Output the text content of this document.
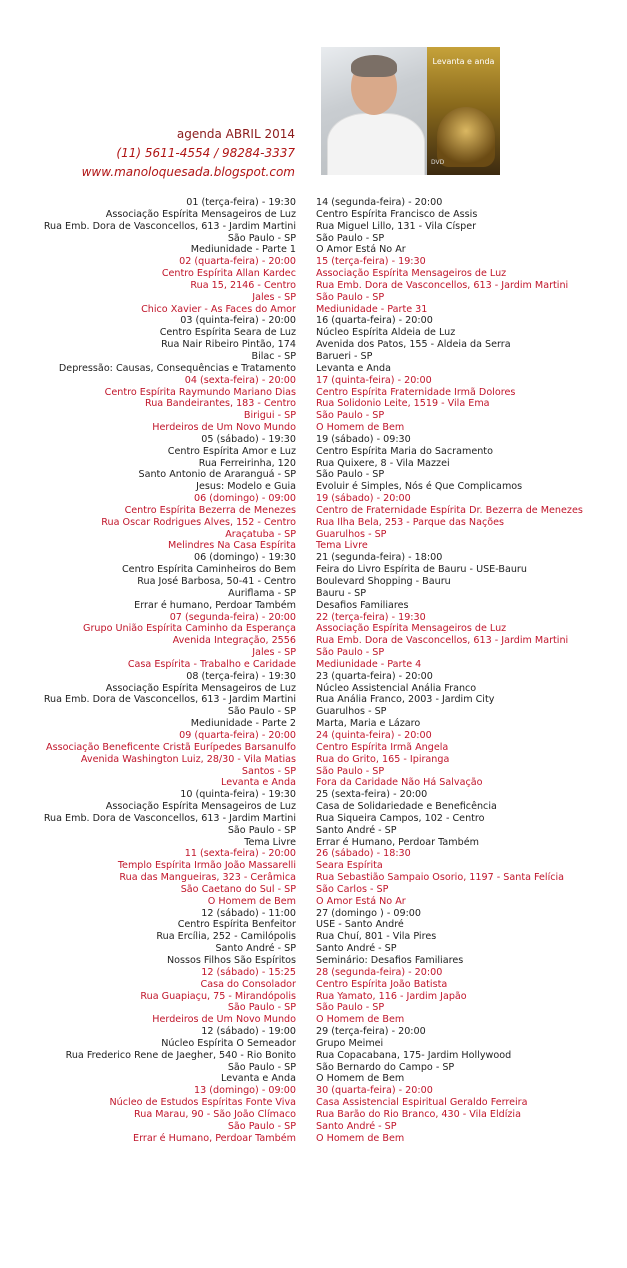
Levanta e anda
DVD
agenda ABRIL 2014
(11) 5611-4554 / 98284-3337
www.manoloquesada.blogspot.com
01 (terça-feira) - 19:30
Associação Espírita Mensageiros de Luz
Rua Emb. Dora de Vasconcellos, 613 - Jardim Martini
São Paulo - SP
Mediunidade - Parte 1
02 (quarta-feira) - 20:00
Centro Espírita Allan Kardec
Rua 15, 2146 - Centro
Jales - SP
Chico Xavier - As Faces do Amor
03 (quinta-feira) - 20:00
Centro Espírita Seara de Luz
Rua Nair Ribeiro Pintão, 174
Bilac - SP
Depressão: Causas, Consequências e Tratamento
04 (sexta-feira) - 20:00
Centro Espírita Raymundo Mariano Dias
Rua Bandeirantes, 183 - Centro
Birigui - SP
Herdeiros de Um Novo Mundo
05 (sábado) - 19:30
Centro Espírita Amor e Luz
Rua Ferreirinha, 120
Santo Antonio de Araranguá - SP
Jesus: Modelo e Guia
06 (domingo) - 09:00
Centro Espírita Bezerra de Menezes
Rua Oscar Rodrigues Alves, 152 - Centro
Araçatuba - SP
Melindres Na Casa Espírita
06 (domingo) - 19:30
Centro Espírita Caminheiros do Bem
Rua José Barbosa, 50-41 - Centro
Auriflama - SP
Errar é humano, Perdoar Também
07 (segunda-feira) - 20:00
Grupo União Espírita Caminho da Esperança
Avenida Integração, 2556
Jales - SP
Casa Espírita - Trabalho e Caridade
08 (terça-feira) - 19:30
Associação Espírita Mensageiros de Luz
Rua Emb. Dora de Vasconcellos, 613 - Jardim Martini
São Paulo - SP
Mediunidade - Parte 2
09 (quarta-feira) - 20:00
Associação Beneficente Cristã Eurípedes Barsanulfo
Avenida Washington Luiz, 28/30 - Vila Matias
Santos - SP
Levanta e Anda
10 (quinta-feira) - 19:30
Associação Espírita Mensageiros de Luz
Rua Emb. Dora de Vasconcellos, 613 - Jardim Martini
São Paulo - SP
Tema Livre
11 (sexta-feira) - 20:00
Templo Espírita Irmão João Massarelli
Rua das Mangueiras, 323 - Cerâmica
São Caetano do Sul - SP
O Homem de Bem
12 (sábado) - 11:00
Centro Espírita Benfeitor
Rua Ercília, 252 - Camilópolis
Santo André - SP
Nossos Filhos São Espíritos
12 (sábado) - 15:25
Casa do Consolador
Rua Guapiaçu, 75 - Mirandópolis
São Paulo - SP
Herdeiros de Um Novo Mundo
12 (sábado) - 19:00
Núcleo Espírita O Semeador
Rua Frederico Rene de Jaegher, 540 - Rio Bonito
São Paulo - SP
Levanta e Anda
13 (domingo) - 09:00
Núcleo de Estudos Espíritas Fonte Viva
Rua Marau, 90 - São João Clímaco
São Paulo - SP
Errar é Humano, Perdoar Também
14 (segunda-feira) - 20:00
Centro Espírita Francisco de Assis
Rua Miguel Lillo, 131 - Vila Císper
São Paulo - SP
O Amor Está No Ar
15 (terça-feira) - 19:30
Associação Espírita Mensageiros de Luz
Rua Emb. Dora de Vasconcellos, 613 - Jardim Martini
São Paulo - SP
Mediunidade - Parte 31
16 (quarta-feira) - 20:00
Núcleo Espírita Aldeia de Luz
Avenida dos Patos, 155 - Aldeia da Serra
Barueri - SP
Levanta e Anda
17 (quinta-feira) - 20:00
Centro Espírita Fraternidade Irmã Dolores
Rua Solidonio Leite, 1519 - Vila Ema
São Paulo - SP
O Homem de Bem
19 (sábado) - 09:30
Centro Espírita Maria do Sacramento
Rua Quixere, 8 - Vila Mazzei
São Paulo - SP
Evoluir é Simples, Nós é Que Complicamos
19 (sábado) - 20:00
Centro de Fraternidade Espírita Dr. Bezerra de Menezes
Rua Ilha Bela, 253 - Parque das Nações
Guarulhos - SP
Tema Livre
21 (segunda-feira) - 18:00
Feira do Livro Espírita de Bauru - USE-Bauru
Boulevard Shopping - Bauru
Bauru - SP
Desafios Familiares
22 (terça-feira) - 19:30
Associação Espírita Mensageiros de Luz
Rua Emb. Dora de Vasconcellos, 613 - Jardim Martini
São Paulo - SP
Mediunidade - Parte 4
23 (quarta-feira) - 20:00
Núcleo Assistencial Anália Franco
Rua Anália Franco, 2003 - Jardim City
Guarulhos - SP
Marta, Maria e Lázaro
24 (quinta-feira) - 20:00
Centro Espírita Irmã Angela
Rua do Grito, 165 - Ipiranga
São Paulo - SP
Fora da Caridade Não Há Salvação
25 (sexta-feira) - 20:00
Casa de Solidariedade e Beneficência
Rua Siqueira Campos, 102 - Centro
Santo André - SP
Errar é Humano, Perdoar Também
26 (sábado) - 18:30
Seara Espírita
Rua Sebastião Sampaio Osorio, 1197 - Santa Felícia
São Carlos - SP
O Amor Está No Ar
27 (domingo ) - 09:00
USE - Santo André
Rua Chuí, 801 - Vila Pires
Santo André - SP
Seminário: Desafios Familiares
28 (segunda-feira) - 20:00
Centro Espírita João Batista
Rua Yamato, 116 - Jardim Japão
São Paulo - SP
O Homem de Bem
29 (terça-feira) - 20:00
Grupo Meimei
Rua Copacabana, 175- Jardim Hollywood
São Bernardo do Campo - SP
O Homem de Bem
30 (quarta-feira) - 20:00
Casa Assistencial Espiritual Geraldo Ferreira
Rua Barão do Rio Branco, 430 - Vila Eldízia
Santo André - SP
O Homem de Bem
